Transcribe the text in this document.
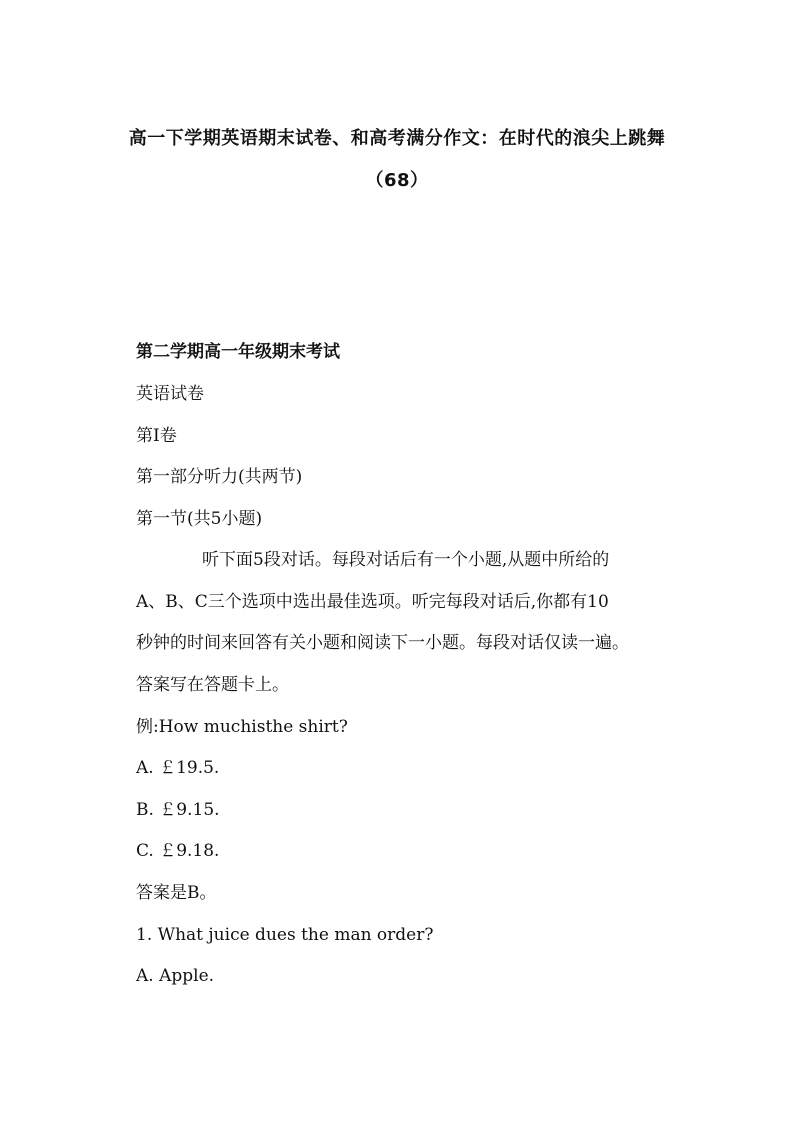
高一下学期英语期末试卷、和高考满分作文：在时代的浪尖上跳舞
（68）
第二学期高一年级期末考试
英语试卷
第Ⅰ卷
第一部分听力(共两节)
第一节(共5小题)
听下面5段对话。每段对话后有一个小题,从题中所给的
A、B、C三个选项中选出最佳选项。听完每段对话后,你都有10
秒钟的时间来回答有关小题和阅读下一小题。每段对话仅读一遍。
答案写在答题卡上。
例:How muchisthe shirt?
A. ￡19.5.
B. ￡9.15.
C. ￡9.18.
答案是B。
1. What juice dues the man order?
A. Apple.
